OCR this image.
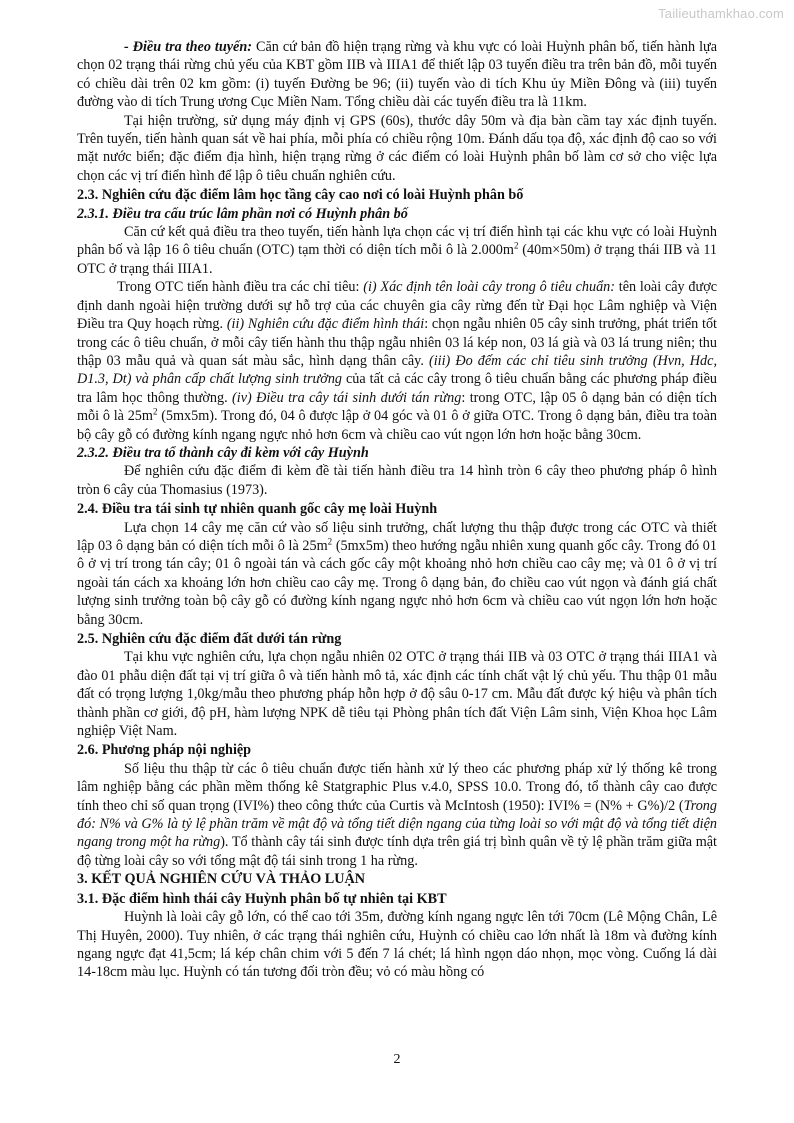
Tailieuthamkhao.com

- Điều tra theo tuyến: Căn cứ bản đồ hiện trạng rừng và khu vực có loài Huỳnh phân bố, tiến hành lựa chọn 02 trạng thái rừng chủ yếu của KBT gồm IIB và IIIA1 để thiết lập 03 tuyến điều tra trên bản đồ, mỗi tuyến có chiều dài trên 02 km gồm: (i) tuyến Đường be 96; (ii) tuyến vào di tích Khu ủy Miền Đông và (iii) tuyến đường vào di tích Trung ương Cục Miền Nam. Tổng chiều dài các tuyến điều tra là 11km.

Tại hiện trường, sử dụng máy định vị GPS (60s), thước dây 50m và địa bàn cầm tay xác định tuyến. Trên tuyến, tiến hành quan sát về hai phía, mỗi phía có chiều rộng 10m. Đánh dấu tọa độ, xác định độ cao so với mặt nước biển; đặc điểm địa hình, hiện trạng rừng ở các điểm có loài Huỳnh phân bố làm cơ sở cho việc lựa chọn các vị trí điển hình để lập ô tiêu chuẩn nghiên cứu.

2.3. Nghiên cứu đặc điểm lâm học tầng cây cao nơi có loài Huỳnh phân bố

2.3.1. Điều tra cấu trúc lâm phần nơi có Huỳnh phân bố

Căn cứ kết quả điều tra theo tuyến, tiến hành lựa chọn các vị trí điển hình tại các khu vực có loài Huỳnh phân bố và lập 16 ô tiêu chuẩn (OTC) tạm thời có diện tích mỗi ô là $2.000m^2$ (40m×50m) ở trạng thái IIB và 11 OTC ở trạng thái IIIA1.

Trong OTC tiến hành điều tra các chỉ tiêu: (i) Xác định tên loài cây trong ô tiêu chuẩn: tên loài cây được định danh ngoài hiện trường dưới sự hỗ trợ của các chuyên gia cây rừng đến từ Đại học Lâm nghiệp và Viện Điều tra Quy hoạch rừng. (ii) Nghiên cứu đặc điểm hình thái: chọn ngẫu nhiên 05 cây sinh trưởng, phát triển tốt trong các ô tiêu chuẩn, ở mỗi cây tiến hành thu thập ngẫu nhiên 03 lá kép non, 03 lá già và 03 lá trung niên; thu thập 03 mẫu quả và quan sát màu sắc, hình dạng thân cây. (iii) Đo đếm các chỉ tiêu sinh trưởng (Hvn, Hdc, D1.3, Dt) và phân cấp chất lượng sinh trưởng của tất cả các cây trong ô tiêu chuẩn bằng các phương pháp điều tra lâm học thông thường. (iv) Điều tra cây tái sinh dưới tán rừng: trong OTC, lập 05 ô dạng bản có diện tích mỗi ô là $25m^2$ (5mx5m). Trong đó, 04 ô được lập ở 04 góc và 01 ô ở giữa OTC. Trong ô dạng bản, điều tra toàn bộ cây gỗ có đường kính ngang ngực nhỏ hơn 6cm và chiều cao vút ngọn lớn hơn hoặc bằng 30cm.

2.3.2. Điều tra tổ thành cây đi kèm với cây Huỳnh

Để nghiên cứu đặc điểm đi kèm đề tài tiến hành điều tra 14 hình tròn 6 cây theo phương pháp ô hình tròn 6 cây của Thomasius (1973).

2.4. Điều tra tái sinh tự nhiên quanh gốc cây mẹ loài Huỳnh

Lựa chọn 14 cây mẹ căn cứ vào số liệu sinh trưởng, chất lượng thu thập được trong các OTC và thiết lập 03 ô dạng bản có diện tích mỗi ô là $25m^2$ (5mx5m) theo hướng ngẫu nhiên xung quanh gốc cây. Trong đó 01 ô ở vị trí trong tán cây; 01 ô ngoài tán và cách gốc cây một khoảng nhỏ hơn chiều cao cây mẹ; và 01 ô ở vị trí ngoài tán cách xa khoảng lớn hơn chiều cao cây mẹ. Trong ô dạng bản, đo chiều cao vút ngọn và đánh giá chất lượng sinh trưởng toàn bộ cây gỗ có đường kính ngang ngực nhỏ hơn 6cm và chiều cao vút ngọn lớn hơn hoặc bằng 30cm.

2.5. Nghiên cứu đặc điểm đất dưới tán rừng

Tại khu vực nghiên cứu, lựa chọn ngẫu nhiên 02 OTC ở trạng thái IIB và 03 OTC ở trạng thái IIIA1 và đào 01 phẫu diện đất tại vị trí giữa ô và tiến hành mô tả, xác định các tính chất vật lý chủ yếu. Thu thập 01 mẫu đất có trọng lượng 1,0kg/mẫu theo phương pháp hỗn hợp ở độ sâu 0-17 cm. Mẫu đất được ký hiệu và phân tích thành phần cơ giới, độ pH, hàm lượng NPK dễ tiêu tại Phòng phân tích đất Viện Lâm sinh, Viện Khoa học Lâm nghiệp Việt Nam.

2.6. Phương pháp nội nghiệp

Số liệu thu thập từ các ô tiêu chuẩn được tiến hành xử lý theo các phương pháp xử lý thống kê trong lâm nghiệp bằng các phần mềm thống kê Statgraphic Plus v.4.0, SPSS 10.0. Trong đó, tổ thành cây cao được tính theo chỉ số quan trọng (IVI%) theo công thức của Curtis và McIntosh (1950): IVI% = (N% + G%)/2 (Trong đó: N% và G% là tỷ lệ phần trăm về mật độ và tổng tiết diện ngang của từng loài so với mật độ và tổng tiết diện ngang trong một ha rừng). Tổ thành cây tái sinh được tính dựa trên giá trị bình quân về tỷ lệ phần trăm giữa mật độ từng loài cây so với tổng mật độ tái sinh trong 1 ha rừng.

3. KẾT QUẢ NGHIÊN CỨU VÀ THẢO LUẬN

3.1. Đặc điểm hình thái cây Huỳnh phân bố tự nhiên tại KBT

Huỳnh là loài cây gỗ lớn, có thể cao tới 35m, đường kính ngang ngực lên tới 70cm (Lê Mộng Chân, Lê Thị Huyên, 2000). Tuy nhiên, ở các trạng thái nghiên cứu, Huỳnh có chiều cao lớn nhất là 18m và đường kính ngang ngực đạt 41,5cm; lá kép chân chim với 5 đến 7 lá chét; lá hình ngọn dáo nhọn, mọc vòng. Cuống lá dài 14-18cm màu lục. Huỳnh có tán tương đối tròn đều; vỏ có màu hồng có

2
